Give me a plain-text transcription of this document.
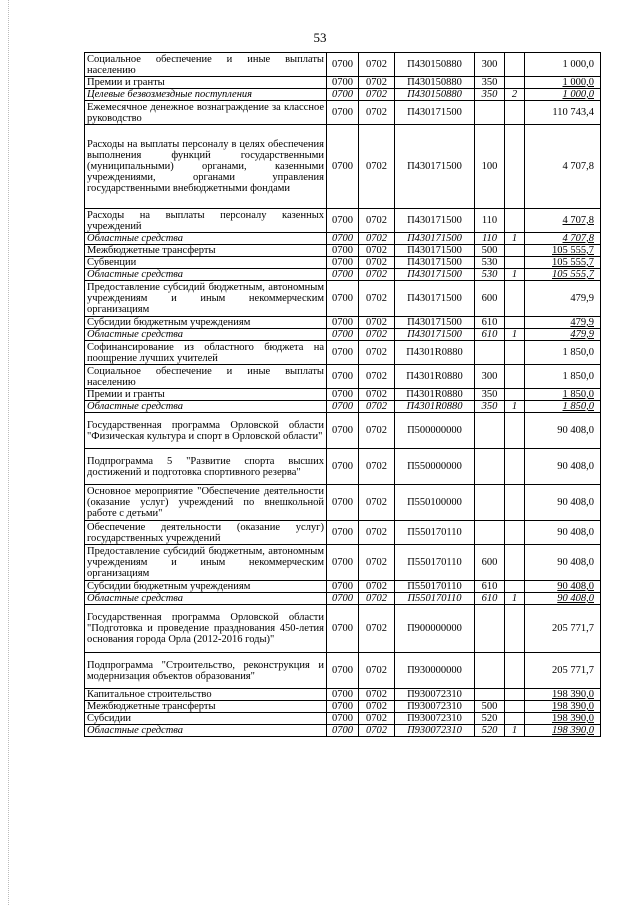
53
Социальное обеспечение и иные выплаты населению	0700	0702	П430150880	300		1 000,0
Премии и гранты	0700	0702	П430150880	350		1 000,0
Целевые безвозмездные поступления	0700	0702	П430150880	350	2	1 000,0
Ежемесячное денежное вознаграждение за классное руководство	0700	0702	П430171500			110 743,4
Расходы на выплаты персоналу в целях обеспечения выполнения функций государственными (муниципальными) органами, казенными учреждениями, органами управления государственными внебюджетными фондами	0700	0702	П430171500	100		4 707,8
Расходы на выплаты персоналу казенных учреждений	0700	0702	П430171500	110		4 707,8
Областные средства	0700	0702	П430171500	110	1	4 707,8
Межбюджетные трансферты	0700	0702	П430171500	500		105 555,7
Субвенции	0700	0702	П430171500	530		105 555,7
Областные средства	0700	0702	П430171500	530	1	105 555,7
Предоставление субсидий бюджетным, автономным учреждениям и иным некоммерческим организациям	0700	0702	П430171500	600		479,9
Субсидии бюджетным учреждениям	0700	0702	П430171500	610		479,9
Областные средства	0700	0702	П430171500	610	1	479,9
Софинансирование из областного бюджета на поощрение лучших учителей	0700	0702	П4301R0880			1 850,0
Социальное обеспечение и иные выплаты населению	0700	0702	П4301R0880	300		1 850,0
Премии и гранты	0700	0702	П4301R0880	350		1 850,0
Областные средства	0700	0702	П4301R0880	350	1	1 850,0
Государственная программа Орловской области "Физическая культура и спорт в Орловской области"	0700	0702	П500000000			90 408,0
Подпрограмма 5 "Развитие спорта высших достижений и подготовка спортивного резерва"	0700	0702	П550000000			90 408,0
Основное мероприятие "Обеспечение деятельности (оказание услуг) учреждений по внешкольной работе с детьми"	0700	0702	П550100000			90 408,0
Обеспечение деятельности (оказание услуг) государственных учреждений	0700	0702	П550170110			90 408,0
Предоставление субсидий бюджетным, автономным учреждениям и иным некоммерческим организациям	0700	0702	П550170110	600		90 408,0
Субсидии бюджетным учреждениям	0700	0702	П550170110	610		90 408,0
Областные средства	0700	0702	П550170110	610	1	90 408,0
Государственная программа Орловской области "Подготовка и проведение празднования 450-летия основания города Орла (2012-2016 годы)"	0700	0702	П900000000			205 771,7
Подпрограмма "Строительство, реконструкция и модернизация объектов образования"	0700	0702	П930000000			205 771,7
Капитальное строительство	0700	0702	П930072310			198 390,0
Межбюджетные трансферты	0700	0702	П930072310	500		198 390,0
Субсидии	0700	0702	П930072310	520		198 390,0
Областные средства	0700	0702	П930072310	520	1	198 390,0
